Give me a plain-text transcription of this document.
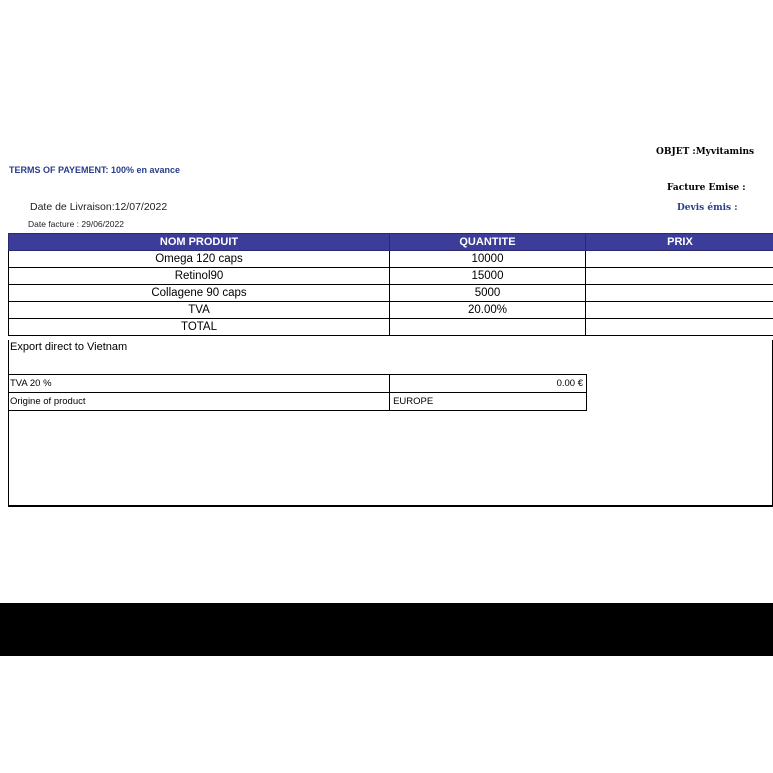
TERMS OF PAYEMENT: 100% en avance
OBJET :Myvitamins
Facture Emise :
Devis émis :
Date de Livraison:12/07/2022
Date facture : 29/06/2022
NOM PRODUIT	QUANTITE	PRIX
Omega 120 caps	10000	
Retinol90	15000	
Collagene 90 caps	5000	
TVA	20.00%	
TOTAL		
Export direct to Vietnam
TVA 20 %	0.00 €
Origine of product	EUROPE
